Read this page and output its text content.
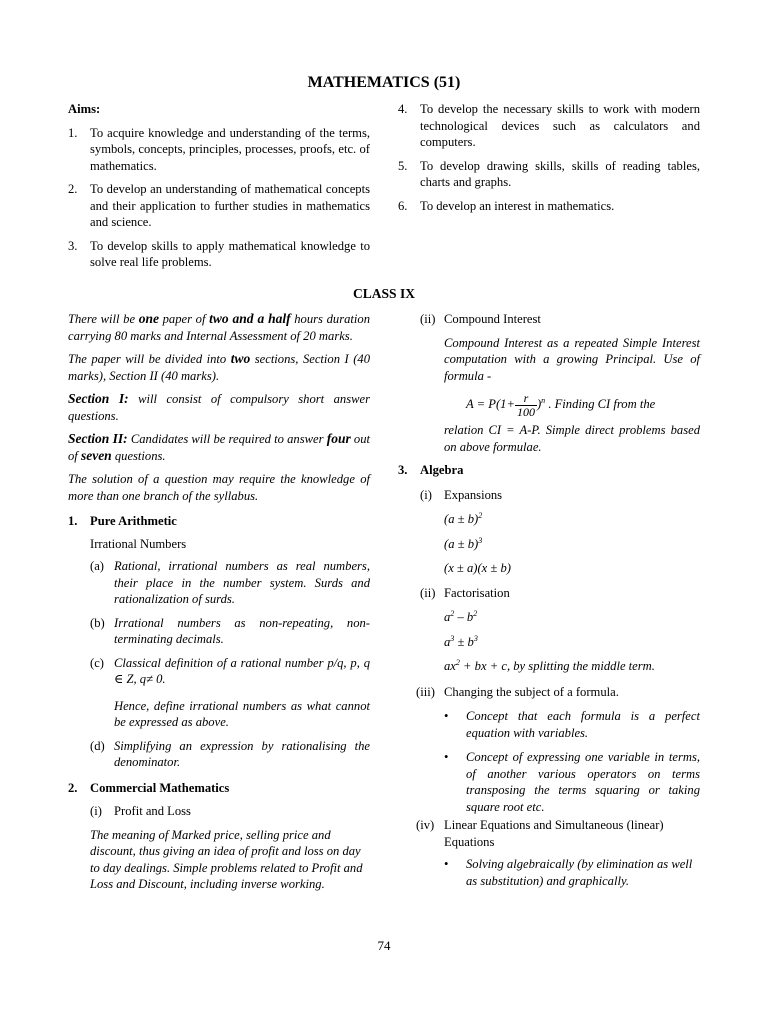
MATHEMATICS (51)
Aims:
1. To acquire knowledge and understanding of the terms, symbols, concepts, principles, processes, proofs, etc. of mathematics.
2. To develop an understanding of mathematical concepts and their application to further studies in mathematics and science.
3. To develop skills to apply mathematical knowledge to solve real life problems.
4. To develop the necessary skills to work with modern technological devices such as calculators and computers.
5. To develop drawing skills, skills of reading tables, charts and graphs.
6. To develop an interest in mathematics.
CLASS IX

There will be one paper of two and a half hours duration carrying 80 marks and Internal Assessment of 20 marks.

The paper will be divided into two sections, Section I (40 marks), Section II (40 marks).

Section I: will consist of compulsory short answer questions.

Section II: Candidates will be required to answer four out of seven questions.

The solution of a question may require the knowledge of more than one branch of the syllabus.

1. Pure Arithmetic
Irrational Numbers
(a) Rational, irrational numbers as real numbers, their place in the number system. Surds and rationalization of surds.
(b) Irrational numbers as non-repeating, non-terminating decimals.
(c) Classical definition of a rational number p/q, p, q ∈ Z, q≠ 0.
Hence, define irrational numbers as what cannot be expressed as above.
(d) Simplifying an expression by rationalising the denominator.
2. Commercial Mathematics
(i) Profit and Loss

The meaning of Marked price, selling price and discount, thus giving an idea of profit and loss on day to day dealings. Simple problems related to Profit and Loss and Discount, including inverse working.

(ii) Compound Interest

Compound Interest as a repeated Simple Interest computation with a growing Principal. Use of formula -

$A = P(1+ \frac{r}{100} )^n$ . Finding CI from the

relation CI = A-P. Simple direct problems based on above formulae.

3. Algebra
(i) Expansions
$(a \pm b)^2$
$(a \pm b)^3$
(x ± a)(x ± b)
(ii) Factorisation
$a^2 - b^2$
$a^3 \pm b^3$
$ax^2$ + bx + c, by splitting the middle term.
(iii) Changing the subject of a formula.
• Concept that each formula is a perfect equation with variables.
• Concept of expressing one variable in terms, of another various operators on terms transposing the terms squaring or taking square root etc.
(iv) Linear Equations and Simultaneous (linear) Equations
• Solving algebraically (by elimination as well as substitution) and graphically.
74
